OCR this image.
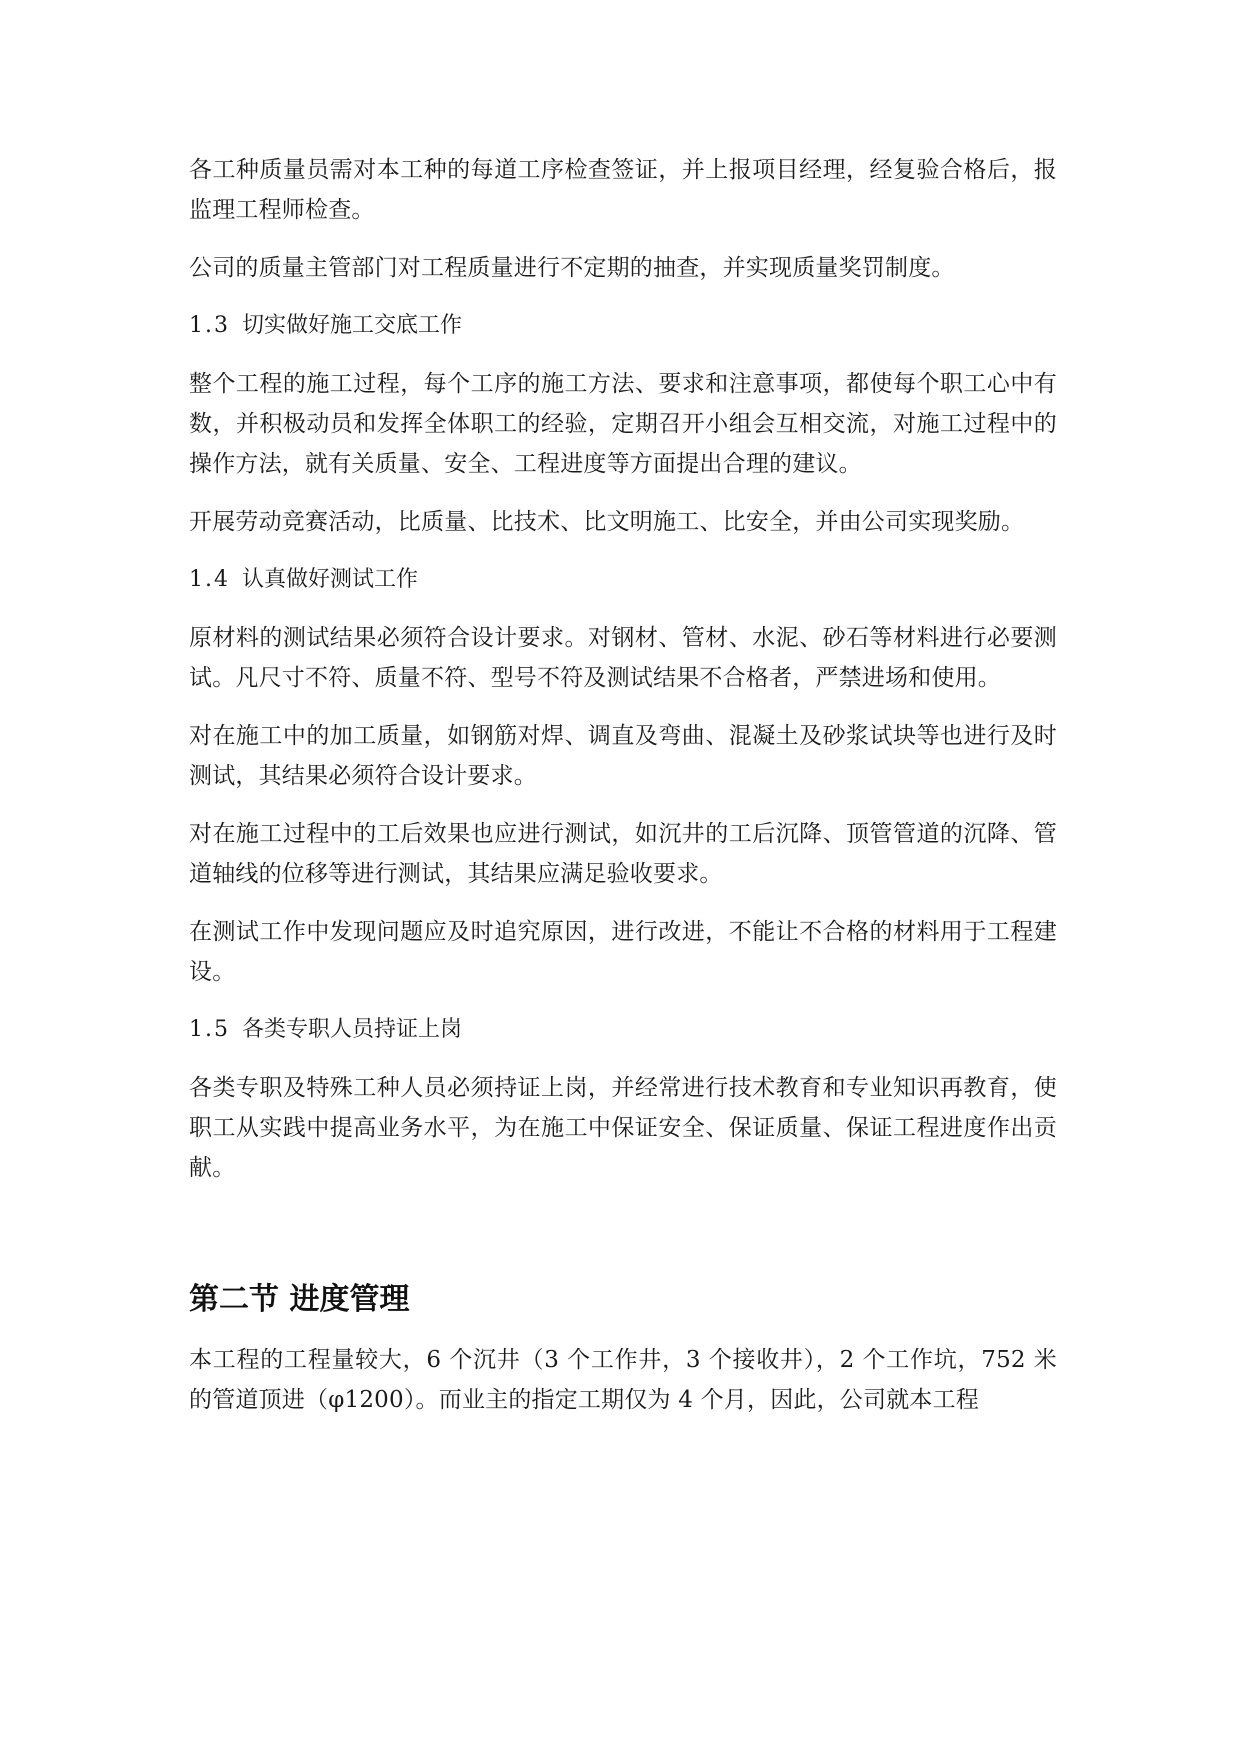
各工种质量员需对本工种的每道工序检查签证，并上报项目经理，经复验合格后，报监理工程师检查。

公司的质量主管部门对工程质量进行不定期的抽查，并实现质量奖罚制度。

1.3 切实做好施工交底工作

整个工程的施工过程，每个工序的施工方法、要求和注意事项，都使每个职工心中有数，并积极动员和发挥全体职工的经验，定期召开小组会互相交流，对施工过程中的操作方法，就有关质量、安全、工程进度等方面提出合理的建议。

开展劳动竞赛活动，比质量、比技术、比文明施工、比安全，并由公司实现奖励。

1.4 认真做好测试工作

原材料的测试结果必须符合设计要求。对钢材、管材、水泥、砂石等材料进行必要测试。凡尺寸不符、质量不符、型号不符及测试结果不合格者，严禁进场和使用。

对在施工中的加工质量，如钢筋对焊、调直及弯曲、混凝土及砂浆试块等也进行及时测试，其结果必须符合设计要求。

对在施工过程中的工后效果也应进行测试，如沉井的工后沉降、顶管管道的沉降、管道轴线的位移等进行测试，其结果应满足验收要求。

在测试工作中发现问题应及时追究原因，进行改进，不能让不合格的材料用于工程建设。

1.5 各类专职人员持证上岗

各类专职及特殊工种人员必须持证上岗，并经常进行技术教育和专业知识再教育，使职工从实践中提高业务水平，为在施工中保证安全、保证质量、保证工程进度作出贡献。

第二节 进度管理

本工程的工程量较大，6 个沉井（3 个工作井，3 个接收井），2 个工作坑，752 米的管道顶进（φ1200）。而业主的指定工期仅为 4 个月，因此，公司就本工程
